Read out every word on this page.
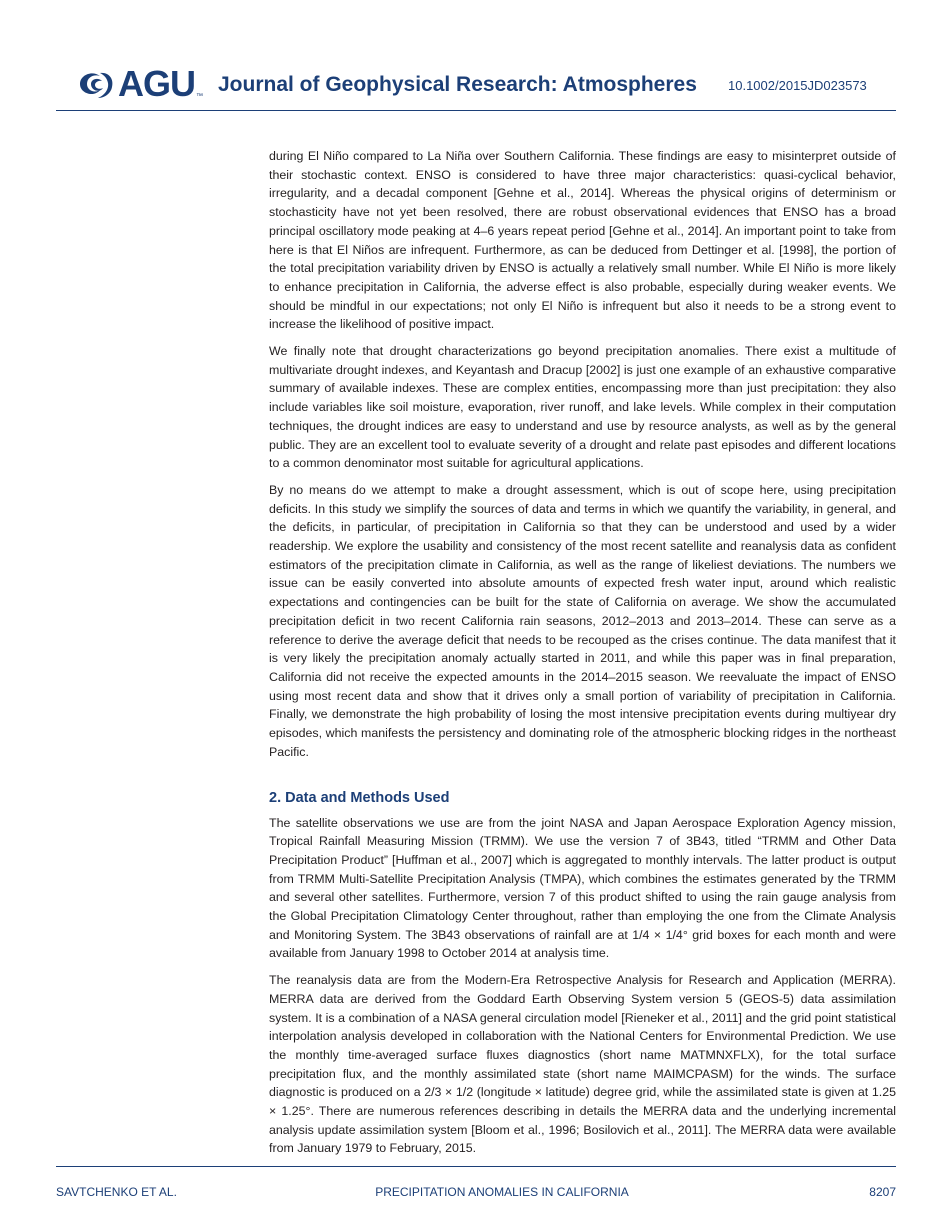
AGU ™
Journal of Geophysical Research: Atmospheres 10.1002/2015JD023573

during El Niño compared to La Niña over Southern California. These findings are easy to misinterpret outside of their stochastic context. ENSO is considered to have three major characteristics: quasi-cyclical behavior, irregularity, and a decadal component [Gehne et al., 2014]. Whereas the physical origins of determinism or stochasticity have not yet been resolved, there are robust observational evidences that ENSO has a broad principal oscillatory mode peaking at 4–6 years repeat period [Gehne et al., 2014]. An important point to take from here is that El Niños are infrequent. Furthermore, as can be deduced from Dettinger et al. [1998], the portion of the total precipitation variability driven by ENSO is actually a relatively small number. While El Niño is more likely to enhance precipitation in California, the adverse effect is also probable, especially during weaker events. We should be mindful in our expectations; not only El Niño is infrequent but also it needs to be a strong event to increase the likelihood of positive impact.

We finally note that drought characterizations go beyond precipitation anomalies. There exist a multitude of multivariate drought indexes, and Keyantash and Dracup [2002] is just one example of an exhaustive comparative summary of available indexes. These are complex entities, encompassing more than just precipitation: they also include variables like soil moisture, evaporation, river runoff, and lake levels. While complex in their computation techniques, the drought indices are easy to understand and use by resource analysts, as well as by the general public. They are an excellent tool to evaluate severity of a drought and relate past episodes and different locations to a common denominator most suitable for agricultural applications.

By no means do we attempt to make a drought assessment, which is out of scope here, using precipitation deficits. In this study we simplify the sources of data and terms in which we quantify the variability, in general, and the deficits, in particular, of precipitation in California so that they can be understood and used by a wider readership. We explore the usability and consistency of the most recent satellite and reanalysis data as confident estimators of the precipitation climate in California, as well as the range of likeliest deviations. The numbers we issue can be easily converted into absolute amounts of expected fresh water input, around which realistic expectations and contingencies can be built for the state of California on average. We show the accumulated precipitation deficit in two recent California rain seasons, 2012–2013 and 2013–2014. These can serve as a reference to derive the average deficit that needs to be recouped as the crises continue. The data manifest that it is very likely the precipitation anomaly actually started in 2011, and while this paper was in final preparation, California did not receive the expected amounts in the 2014–2015 season. We reevaluate the impact of ENSO using most recent data and show that it drives only a small portion of variability of precipitation in California. Finally, we demonstrate the high probability of losing the most intensive precipitation events during multiyear dry episodes, which manifests the persistency and dominating role of the atmospheric blocking ridges in the northeast Pacific.

2. Data and Methods Used

The satellite observations we use are from the joint NASA and Japan Aerospace Exploration Agency mission, Tropical Rainfall Measuring Mission (TRMM). We use the version 7 of 3B43, titled “TRMM and Other Data Precipitation Product” [Huffman et al., 2007] which is aggregated to monthly intervals. The latter product is output from TRMM Multi-Satellite Precipitation Analysis (TMPA), which combines the estimates generated by the TRMM and several other satellites. Furthermore, version 7 of this product shifted to using the rain gauge analysis from the Global Precipitation Climatology Center throughout, rather than employing the one from the Climate Analysis and Monitoring System. The 3B43 observations of rainfall are at 1/4 × 1/4° grid boxes for each month and were available from January 1998 to October 2014 at analysis time.

The reanalysis data are from the Modern-Era Retrospective Analysis for Research and Application (MERRA). MERRA data are derived from the Goddard Earth Observing System version 5 (GEOS-5) data assimilation system. It is a combination of a NASA general circulation model [Rieneker et al., 2011] and the grid point statistical interpolation analysis developed in collaboration with the National Centers for Environmental Prediction. We use the monthly time-averaged surface fluxes diagnostics (short name MATMNXFLX), for the total surface precipitation flux, and the monthly assimilated state (short name MAIMCPASM) for the winds. The surface diagnostic is produced on a 2/3 × 1/2 (longitude × latitude) degree grid, while the assimilated state is given at 1.25 × 1.25°. There are numerous references describing in details the MERRA data and the underlying incremental analysis update assimilation system [Bloom et al., 1996; Bosilovich et al., 2011]. The MERRA data were available from January 1979 to February, 2015.

SAVTCHENKO ET AL.	PRECIPITATION ANOMALIES IN CALIFORNIA	8207
